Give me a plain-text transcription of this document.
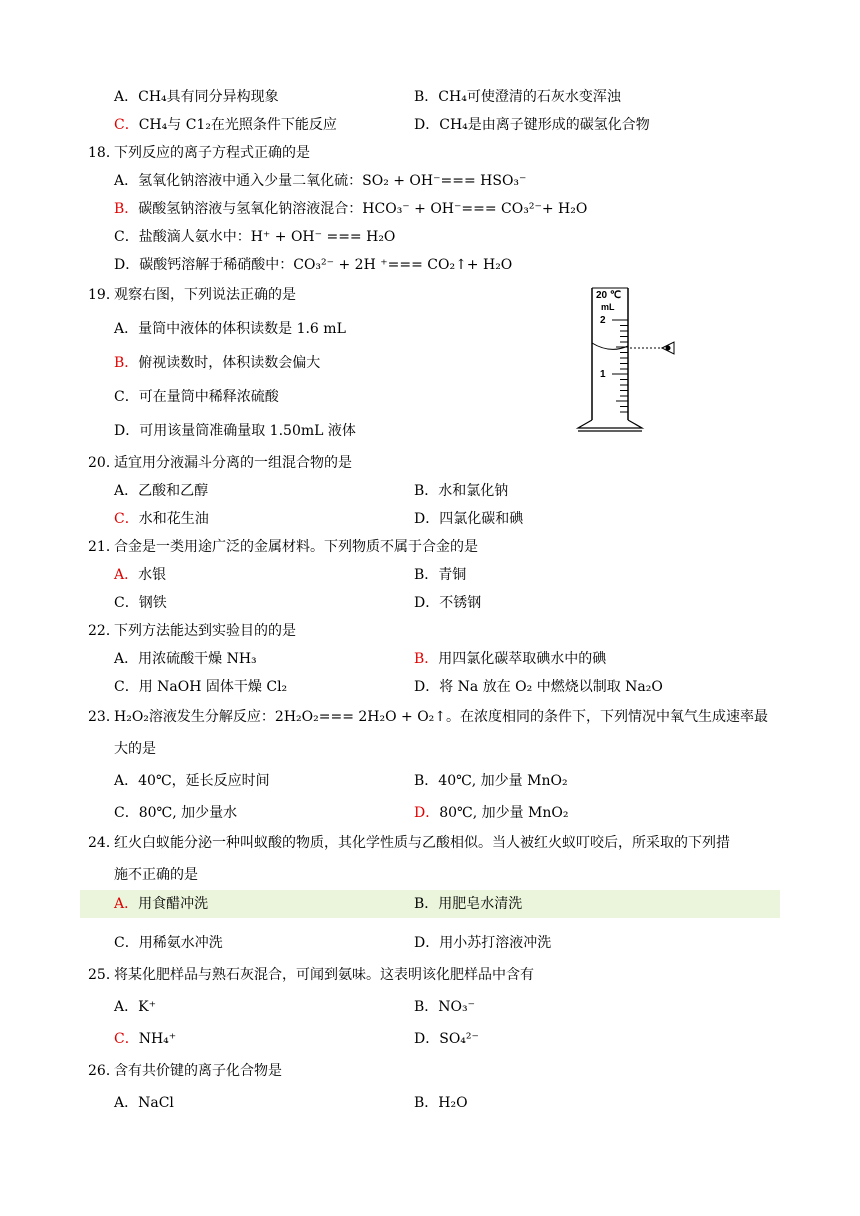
A．CH₄具有同分异构现象	B．CH₄可使澄清的石灰水变浑浊
C．CH₄与 C1₂在光照条件下能反应	D．CH₄是由离子键形成的碳氢化合物
18．下列反应的离子方程式正确的是
A．氢氧化钠溶液中通入少量二氧化硫：SO₂ + OH⁻=== HSO₃⁻
B．碳酸氢钠溶液与氢氧化钠溶液混合：HCO₃⁻ + OH⁻=== CO₃²⁻+ H₂O
C．盐酸滴人氨水中：H⁺ + OH⁻ === H₂O
D．碳酸钙溶解于稀硝酸中：CO₃²⁻ + 2H ⁺=== CO₂↑+ H₂O
19．观察右图，下列说法正确的是
A．量筒中液体的体积读数是 1.6 mL
B．俯视读数时，体积读数会偏大
C．可在量筒中稀释浓硫酸
D．可用该量筒准确量取 1.50mL 液体
20 ℃
mL
2
1
20．适宜用分液漏斗分离的一组混合物的是
A．乙酸和乙醇	B．水和氯化钠
C．水和花生油	D．四氯化碳和碘
21．合金是一类用途广泛的金属材料。下列物质不属于合金的是
A．水银	B．青铜
C．钢铁	D．不锈钢
22．下列方法能达到实验目的的是
A．用浓硫酸干燥 NH₃	B．用四氯化碳萃取碘水中的碘
C．用 NaOH 固体干燥 Cl₂	D．将 Na 放在 O₂ 中燃烧以制取 Na₂O
23．H₂O₂溶液发生分解反应：2H₂O₂=== 2H₂O + O₂↑。在浓度相同的条件下，下列情况中氧气生成速率最
大的是
A．40℃，延长反应时间	B．40℃, 加少量 MnO₂
C．80℃, 加少量水	D．80℃, 加少量 MnO₂
24．红火白蚁能分泌一种叫蚁酸的物质，其化学性质与乙酸相似。当人被红火蚁叮咬后，所采取的下列措
施不正确的是
A．用食醋冲洗	B．用肥皂水清洗
C．用稀氨水冲洗	D．用小苏打溶液冲洗
25．将某化肥样品与熟石灰混合，可闻到氨味。这表明该化肥样品中含有
A．K⁺	B．NO₃⁻
C．NH₄⁺	D．SO₄²⁻
26．含有共价键的离子化合物是
A．NaCl	B．H₂O
